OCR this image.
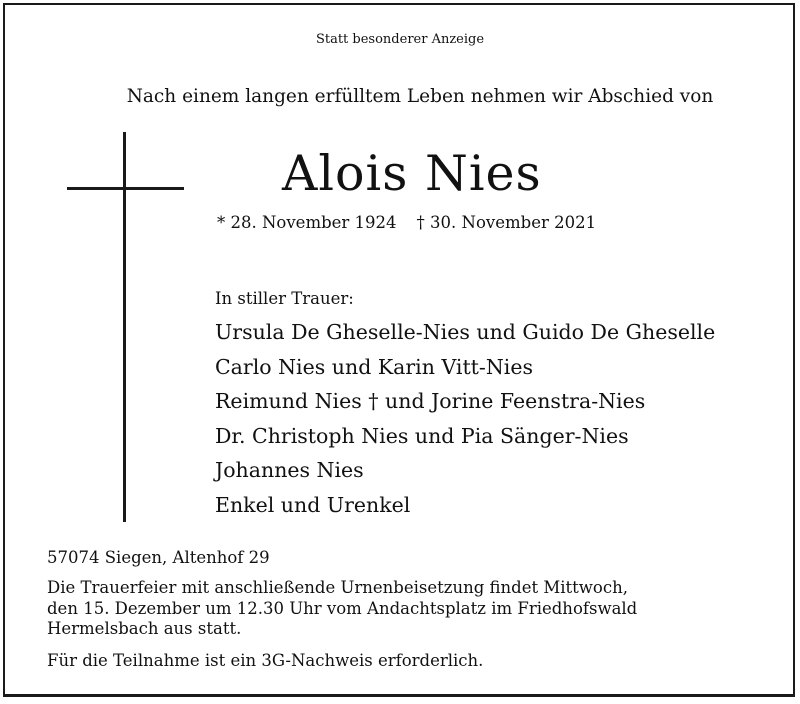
Statt besonderer Anzeige
Nach einem langen erfülltem Leben nehmen wir Abschied von
Alois Nies
* 28. November 1924 † 30. November 2021
In stiller Trauer:
Ursula De Gheselle-Nies und Guido De Gheselle
Carlo Nies und Karin Vitt-Nies
Reimund Nies † und Jorine Feenstra-Nies
Dr. Christoph Nies und Pia Sänger-Nies
Johannes Nies
Enkel und Urenkel
57074 Siegen, Altenhof 29

Die Trauerfeier mit anschließende Urnenbeisetzung findet Mittwoch,
den 15. Dezember um 12.30 Uhr vom Andachtsplatz im Friedhofswald
Hermelsbach aus statt.

Für die Teilnahme ist ein 3G-Nachweis erforderlich.
